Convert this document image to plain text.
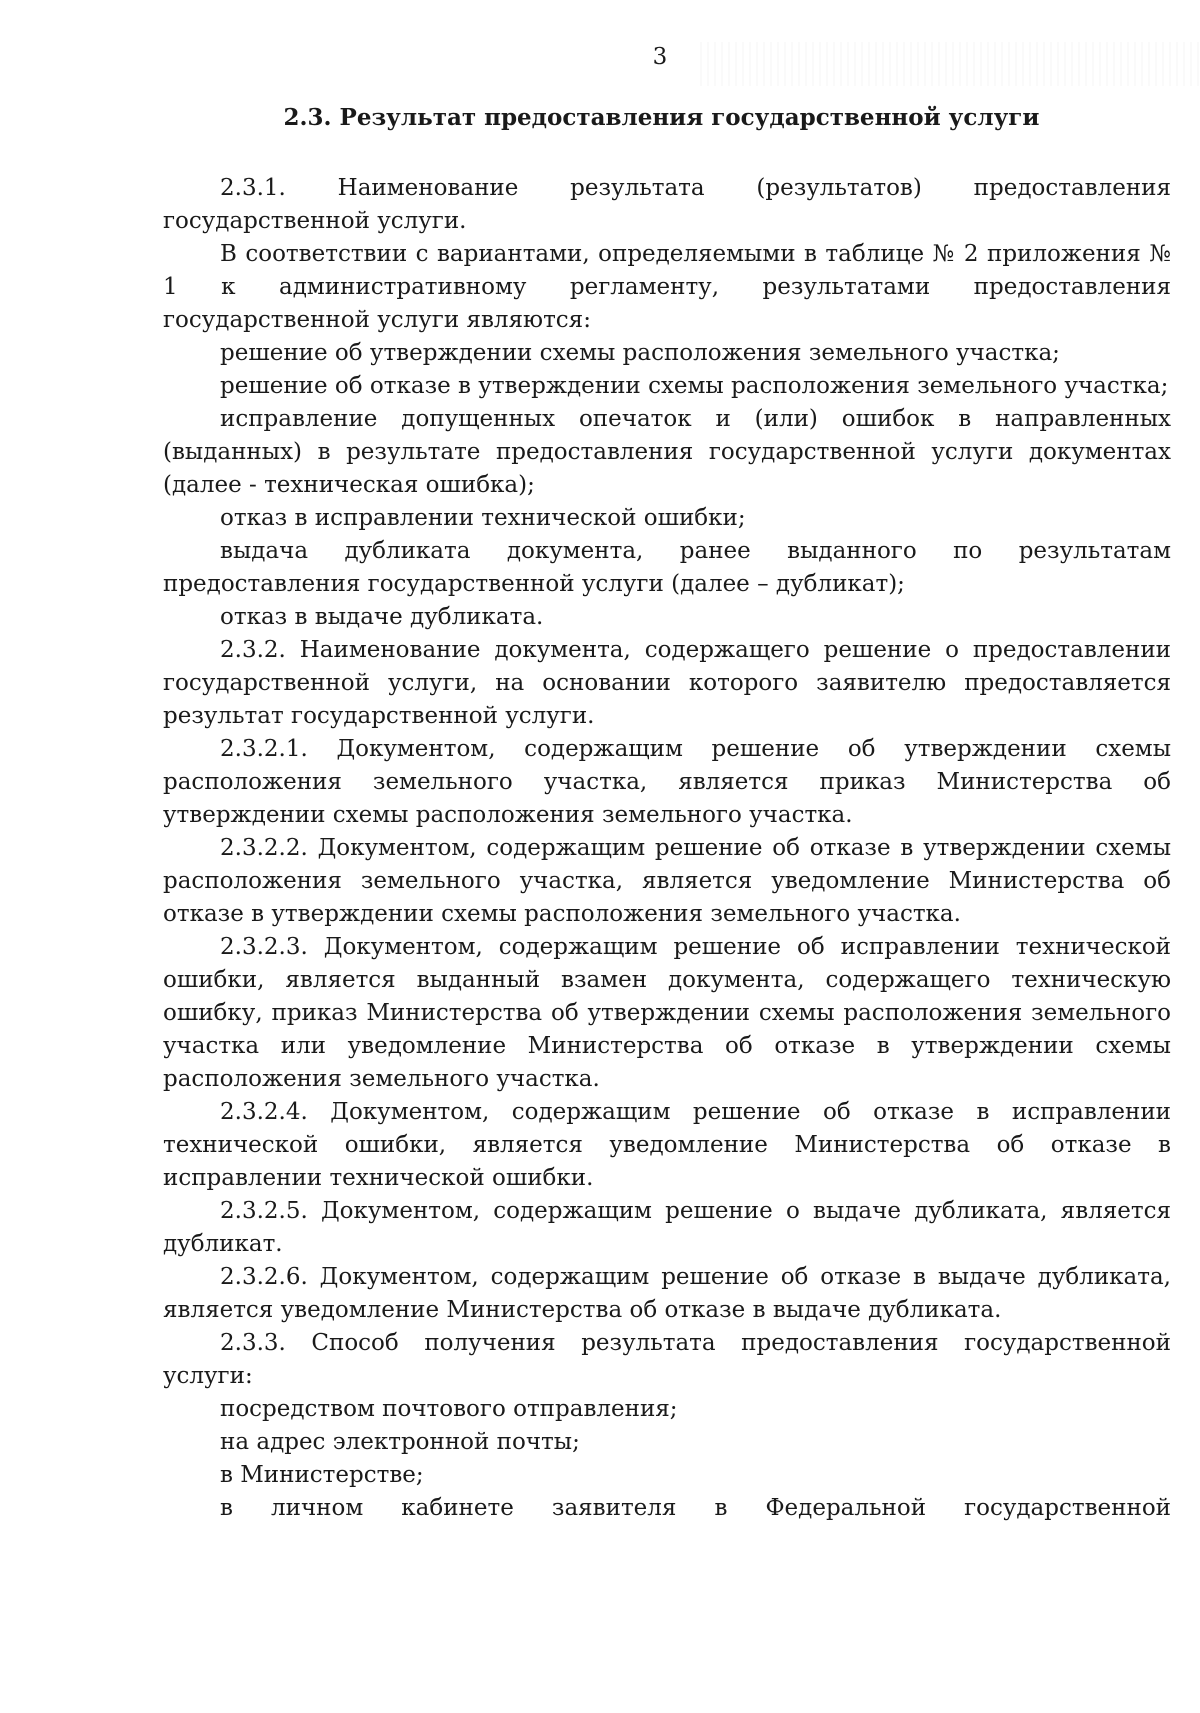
3
2.3. Результат предоставления государственной услуги

2.3.1. Наименование результата (результатов) предоставления государственной услуги.

В соответствии с вариантами, определяемыми в таблице № 2 приложения № 1 к административному регламенту, результатами предоставления государственной услуги являются:

решение об утверждении схемы расположения земельного участка;

решение об отказе в утверждении схемы расположения земельного участка;

исправление допущенных опечаток и (или) ошибок в направленных (выданных) в результате предоставления государственной услуги документах (далее - техническая ошибка);

отказ в исправлении технической ошибки;

выдача дубликата документа, ранее выданного по результатам предоставления государственной услуги (далее – дубликат);

отказ в выдаче дубликата.

2.3.2. Наименование документа, содержащего решение о предоставлении государственной услуги, на основании которого заявителю предоставляется результат государственной услуги.

2.3.2.1. Документом, содержащим решение об утверждении схемы расположения земельного участка, является приказ Министерства об утверждении схемы расположения земельного участка.

2.3.2.2. Документом, содержащим решение об отказе в утверждении схемы расположения земельного участка, является уведомление Министерства об отказе в утверждении схемы расположения земельного участка.

2.3.2.3. Документом, содержащим решение об исправлении технической ошибки, является выданный взамен документа, содержащего техническую ошибку, приказ Министерства об утверждении схемы расположения земельного участка или уведомление Министерства об отказе в утверждении схемы расположения земельного участка.

2.3.2.4. Документом, содержащим решение об отказе в исправлении технической ошибки, является уведомление Министерства об отказе в исправлении технической ошибки.

2.3.2.5. Документом, содержащим решение о выдаче дубликата, является дубликат.

2.3.2.6. Документом, содержащим решение об отказе в выдаче дубликата, является уведомление Министерства об отказе в выдаче дубликата.

2.3.3. Способ получения результата предоставления государственной услуги:

посредством почтового отправления;

на адрес электронной почты;

в Министерстве;

в личном кабинете заявителя в Федеральной государственной
